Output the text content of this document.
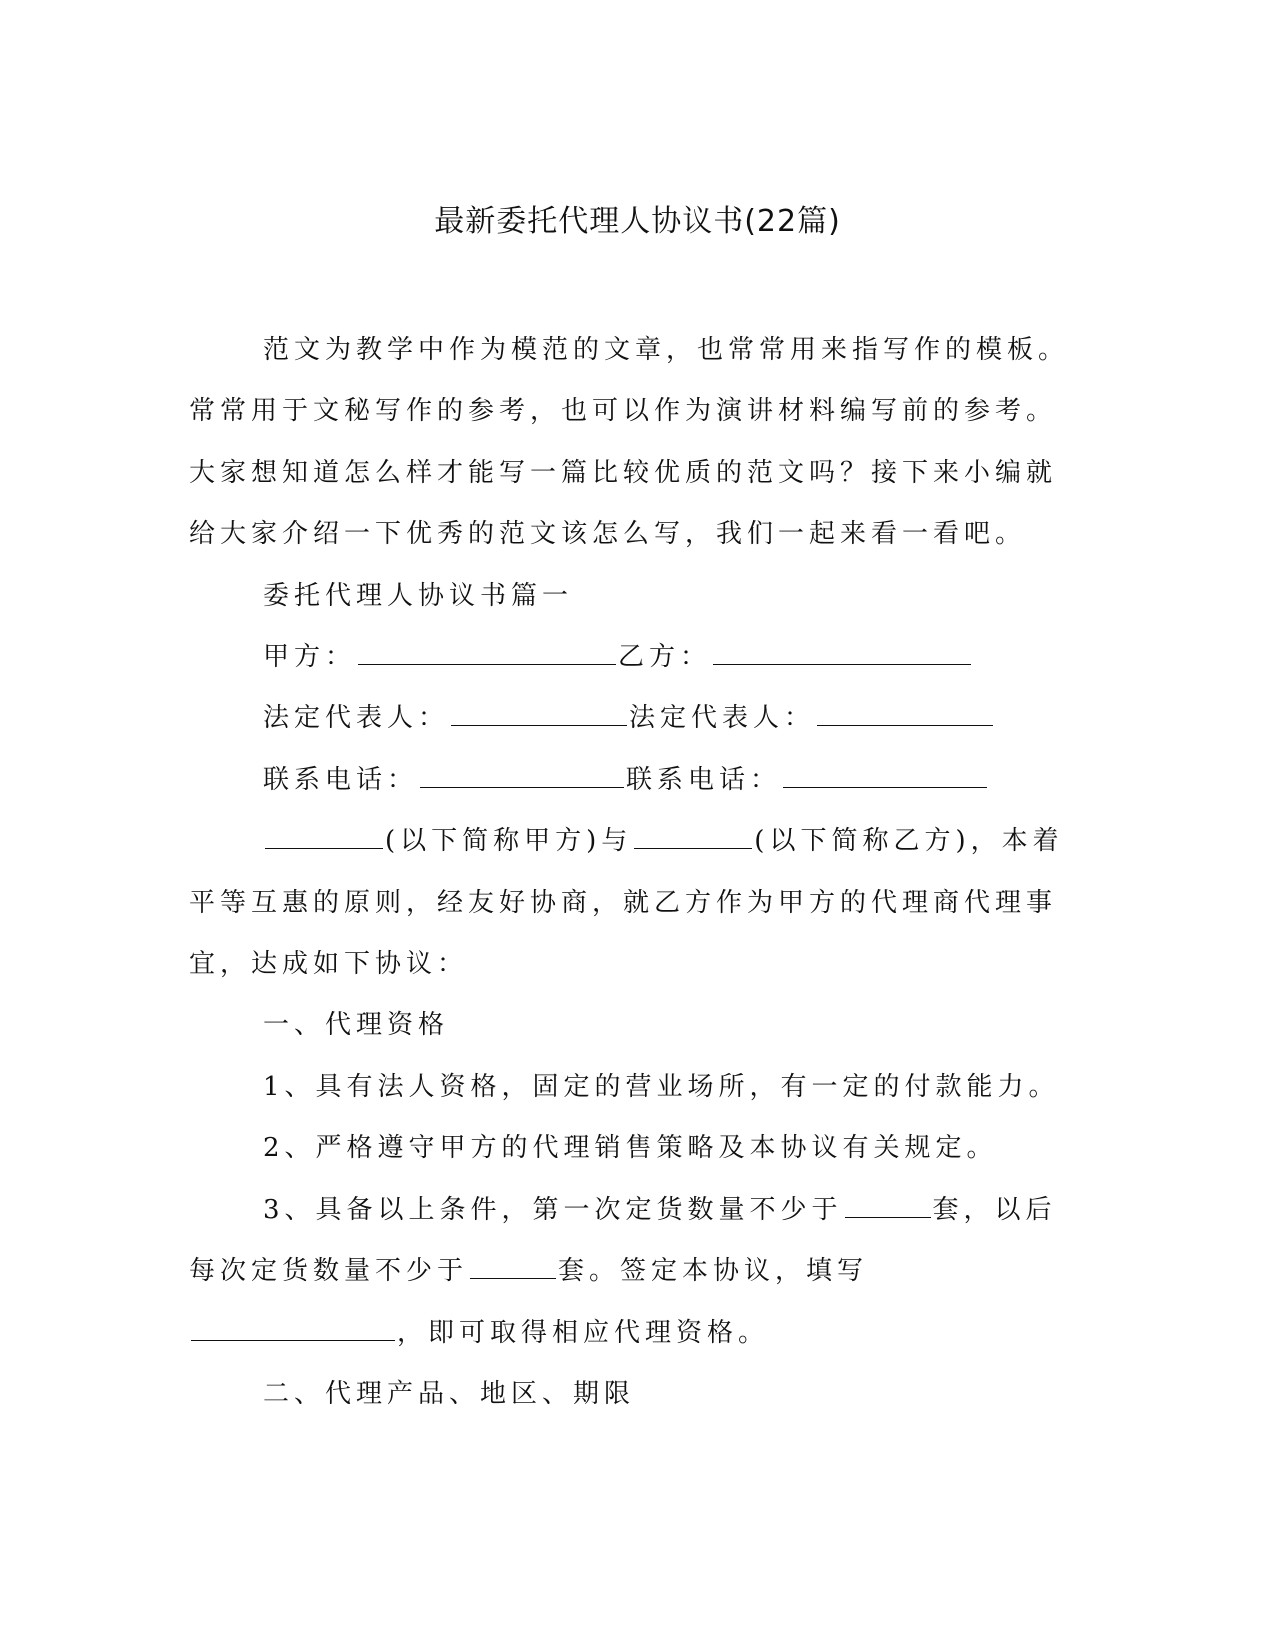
最新委托代理人协议书(22篇)

范文为教学中作为模范的文章，也常常用来指写作的模板。常常用于文秘写作的参考，也可以作为演讲材料编写前的参考。大家想知道怎么样才能写一篇比较优质的范文吗？接下来小编就给大家介绍一下优秀的范文该怎么写，我们一起来看一看吧。

委托代理人协议书篇一

甲方：	乙方：

法定代表人：	法定代表人：

联系电话：	联系电话：

(以下简称甲方)与	(以下简称乙方)，本着平等互惠的原则，经友好协商，就乙方作为甲方的代理商代理事宜，达成如下协议：

一、代理资格

1、具有法人资格，固定的营业场所，有一定的付款能力。

2、严格遵守甲方的代理销售策略及本协议有关规定。

3、具备以上条件，第一次定货数量不少于	套，以后每次定货数量不少于	套。签定本协议，填写，即可取得相应代理资格。

二、代理产品、地区、期限
